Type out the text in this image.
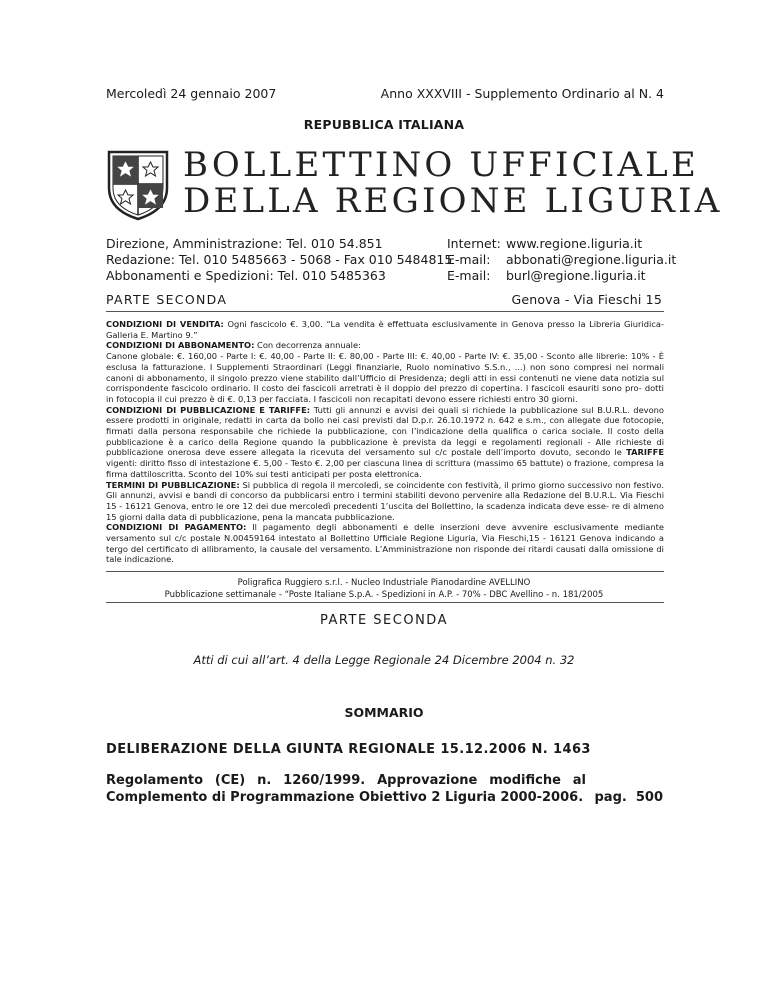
Mercoledì 24 gennaio 2007	Anno XXXVIII - Supplemento Ordinario al N. 4
REPUBBLICA ITALIANA
BOLLETTINO UFFICIALE
DELLA REGIONE LIGURIA
Direzione, Amministrazione: Tel. 010 54.851
Redazione: Tel. 010 5485663 - 5068 - Fax 010 5484815
Abbonamenti e Spedizioni: Tel. 010 5485363
Internet:
E-mail:
E-mail:
www.regione.liguria.it
abbonati@regione.liguria.it
burl@regione.liguria.it
PARTE SECONDA	Genova - Via Fieschi 15

CONDIZIONI DI VENDITA: Ogni fascicolo €. 3,00. “La vendita è effettuata esclusivamente in Genova presso la Libreria Giuridica- Galleria E. Martino 9.”

CONDIZIONI DI ABBONAMENTO: Con decorrenza annuale:

Canone globale: €. 160,00 - Parte I: €. 40,00 - Parte II: €. 80,00 - Parte III: €. 40,00 - Parte IV: €. 35,00 - Sconto alle librerie: 10% - È esclusa la fatturazione. I Supplementi Straordinari (Leggi finanziarie, Ruolo nominativo S.S.n., ...) non sono compresi nei normali canoni di abbonamento, il singolo prezzo viene stabilito dall’Ufficio di Presidenza; degli atti in essi contenuti ne viene data notizia sul corrispondente fascicolo ordinario. Il costo dei fascicoli arretrati è il doppio del prezzo di copertina. I fascicoli esauriti sono pro- dotti in fotocopia il cui prezzo è di €. 0,13 per facciata. I fascicoli non recapitati devono essere richiesti entro 30 giorni.

CONDIZIONI DI PUBBLICAZIONE E TARIFFE: Tutti gli annunzi e avvisi dei quali si richiede la pubblicazione sul B.U.R.L. devono essere prodotti in originale, redatti in carta da bollo nei casi previsti dal D.p.r. 26.10.1972 n. 642 e s.m., con allegate due fotocopie, firmati dalla persona responsabile che richiede la pubblicazione, con l’indicazione della qualifica o carica sociale. Il costo della pubblicazione è a carico della Regione quando la pubblicazione è prevista da leggi e regolamenti regionali - Alle richieste di pubblicazione onerosa deve essere allegata la ricevuta del versamento sul c/c postale dell’importo dovuto, secondo le TARIFFE vigenti: diritto fisso di intestazione €. 5,00 - Testo €. 2,00 per ciascuna linea di scrittura (massimo 65 battute) o frazione, compresa la firma dattiloscritta. Sconto del 10% sui testi anticipati per posta elettronica.

TERMINI DI PUBBLICAZIONE: Si pubblica di regola il mercoledì, se coincidente con festività, il primo giorno successivo non festivo. Gli annunzi, avvisi e bandi di concorso da pubblicarsi entro i termini stabiliti devono pervenire alla Redazione del B.U.R.L. Via Fieschi 15 - 16121 Genova, entro le ore 12 dei due mercoledì precedenti 1’uscita del Bollettino, la scadenza indicata deve esse- re di almeno 15 giorni dalla data di pubblicazione, pena la mancata pubblicazione.

CONDIZIONI DI PAGAMENTO: Il pagamento degli abbonamenti e delle inserzioni deve avvenire esclusivamente mediante versamento sul c/c postale N.00459164 intestato al Bollettino Ufficiale Regione Liguria, Via Fieschi,15 - 16121 Genova indicando a tergo del certificato di allibramento, la causale del versamento. L’Amministrazione non risponde dei ritardi causati dalla omissione di tale indicazione.

Poligrafica Ruggiero s.r.l. - Nucleo Industriale Pianodardine AVELLINO
Pubblicazione settimanale - “Poste Italiane S.p.A. - Spedizioni in A.P. - 70% - DBC Avellino - n. 181/2005
PARTE SECONDA
Atti di cui all’art. 4 della Legge Regionale 24 Dicembre 2004 n. 32
SOMMARIO
DELIBERAZIONE DELLA GIUNTA REGIONALE 15.12.2006 N. 1463
Regolamento (CE) n. 1260/1999. Approvazione modifiche al
Complemento di Programmazione Obiettivo 2 Liguria 2000-2006. pag.  500
